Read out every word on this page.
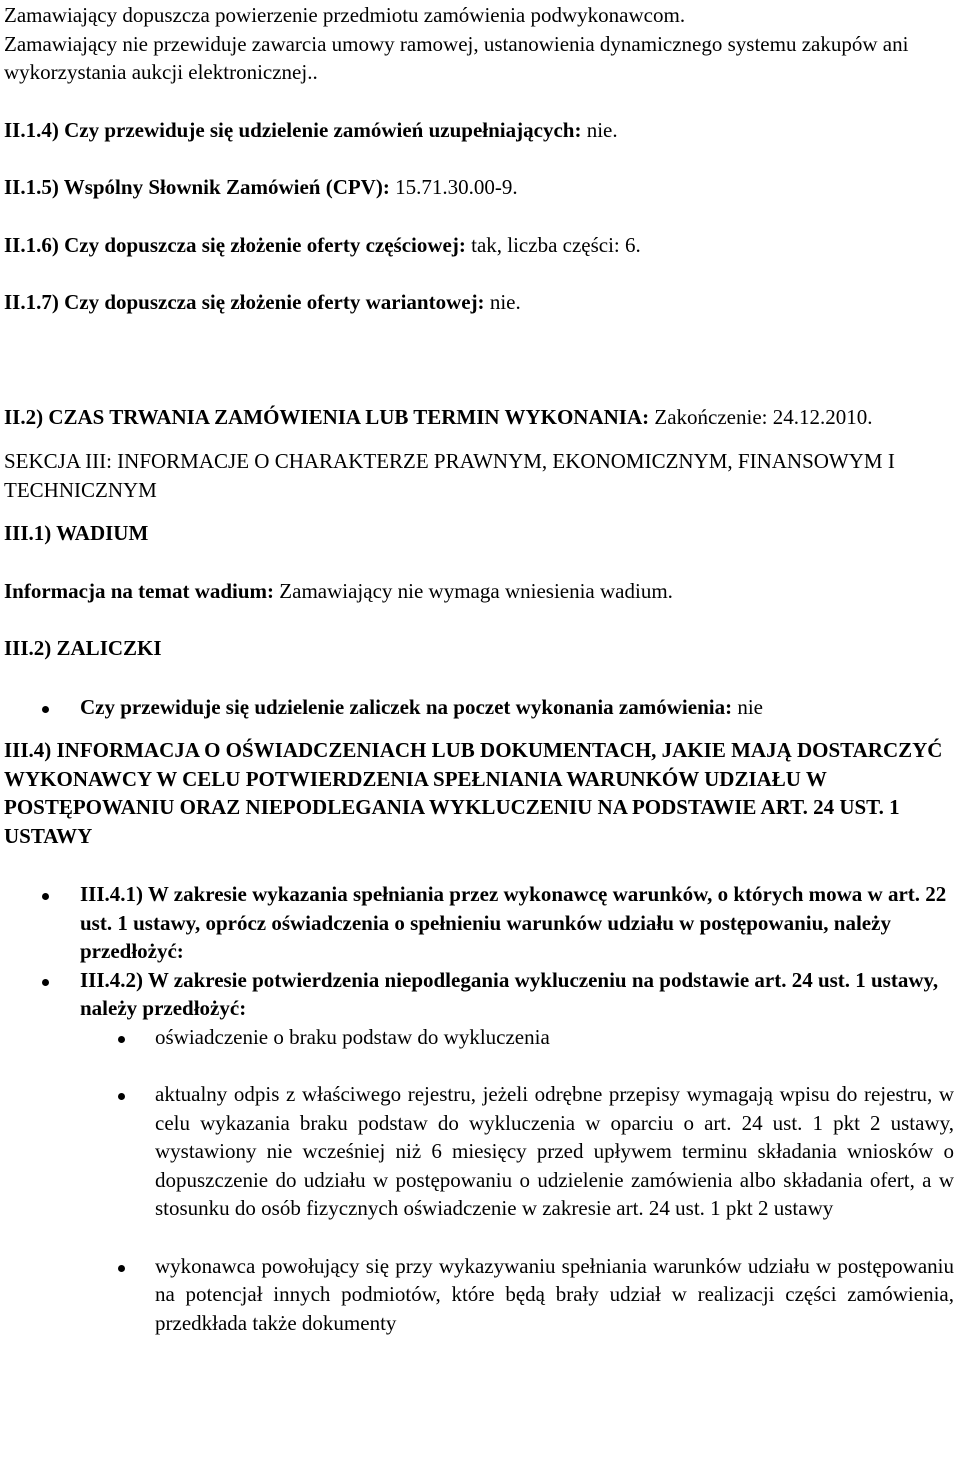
Zamawiający dopuszcza powierzenie przedmiotu zamówienia podwykonawcom.

Zamawiający nie przewiduje zawarcia umowy ramowej, ustanowienia dynamicznego systemu zakupów ani wykorzystania aukcji elektronicznej..

II.1.4) Czy przewiduje się udzielenie zamówień uzupełniających: nie.

II.1.5) Wspólny Słownik Zamówień (CPV): 15.71.30.00-9.

II.1.6) Czy dopuszcza się złożenie oferty częściowej: tak, liczba części: 6.

II.1.7) Czy dopuszcza się złożenie oferty wariantowej: nie.

II.2) CZAS TRWANIA ZAMÓWIENIA LUB TERMIN WYKONANIA: Zakończenie: 24.12.2010.

SEKCJA III: INFORMACJE O CHARAKTERZE PRAWNYM, EKONOMICZNYM, FINANSOWYM I TECHNICZNYM

III.1) WADIUM

Informacja na temat wadium: Zamawiający nie wymaga wniesienia wadium.

III.2) ZALICZKI

Czy przewiduje się udzielenie zaliczek na poczet wykonania zamówienia: nie

III.4) INFORMACJA O OŚWIADCZENIACH LUB DOKUMENTACH, JAKIE MAJĄ DOSTARCZYĆ WYKONAWCY W CELU POTWIERDZENIA SPEŁNIANIA WARUNKÓW UDZIAŁU W POSTĘPOWANIU ORAZ NIEPODLEGANIA WYKLUCZENIU NA PODSTAWIE ART. 24 UST. 1 USTAWY

III.4.1) W zakresie wykazania spełniania przez wykonawcę warunków, o których mowa w art. 22 ust. 1 ustawy, oprócz oświadczenia o spełnieniu warunków udziału w postępowaniu, należy przedłożyć:
III.4.2) W zakresie potwierdzenia niepodlegania wykluczeniu na podstawie art. 24 ust. 1 ustawy, należy przedłożyć:
oświadczenie o braku podstaw do wykluczenia
aktualny odpis z właściwego rejestru, jeżeli odrębne przepisy wymagają wpisu do rejestru, w celu wykazania braku podstaw do wykluczenia w oparciu o art. 24 ust. 1 pkt 2 ustawy, wystawiony nie wcześniej niż 6 miesięcy przed upływem terminu składania wniosków o dopuszczenie do udziału w postępowaniu o udzielenie zamówienia albo składania ofert, a w stosunku do osób fizycznych oświadczenie w zakresie art. 24 ust. 1 pkt 2 ustawy
wykonawca powołujący się przy wykazywaniu spełniania warunków udziału w postępowaniu na potencjał innych podmiotów, które będą brały udział w realizacji części zamówienia, przedkłada także dokumenty
